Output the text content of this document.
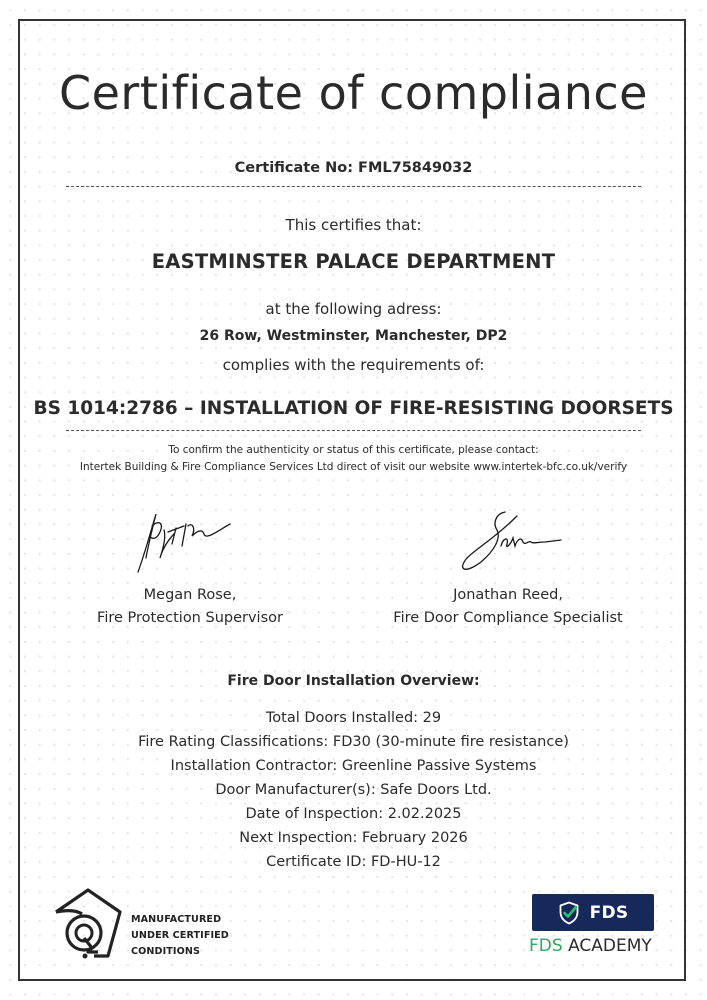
Certificate of compliance
Certificate No: FML75849032
This certifies that:
EASTMINSTER PALACE DEPARTMENT
at the following adress:
26 Row, Westminster, Manchester, DP2
complies with the requirements of:
BS 1014:2786 – INSTALLATION OF FIRE-RESISTING DOORSETS
To confirm the authenticity or status of this certificate, please contact:
Intertek Building & Fire Compliance Services Ltd direct of visit our website www.intertek-bfc.co.uk/verify
Megan Rose,
Fire Protection Supervisor
Jonathan Reed,
Fire Door Compliance Specialist
Fire Door Installation Overview:
Total Doors Installed: 29
Fire Rating Classifications: FD30 (30-minute fire resistance)
Installation Contractor: Greenline Passive Systems
Door Manufacturer(s): Safe Doors Ltd.
Date of Inspection: 2.02.2025
Next Inspection: February 2026
Certificate ID: FD-HU-12
MANUFACTURED
UNDER CERTIFIED
CONDITIONS
FDS
FDS ACADEMY
